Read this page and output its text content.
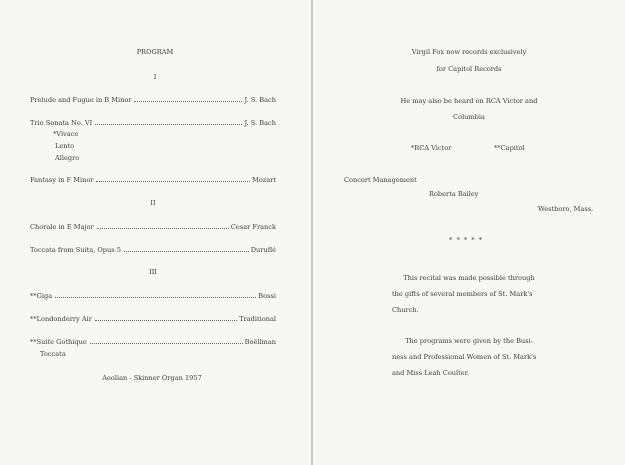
PROGRAM
I
Prelude and Fugue in B Minor	J. S. Bach
Trio Sonata No. VI	J. S. Bach
*Vivace
Lento
Allegro
Fantasy in F Minor	Mozart
II
Chorale in E Major	Cesar Franck
Toccata from Suita, Opus 5	Duruflé
III
**Giga	Bossi
**Londonderry Air	Traditional
**Suite Gothique	Boëllman
Toccata
Aeolian - Skinner Organ 1957
Virgil Fox now records exclusively
for Capitol Records
He may also be heard on RCA Victor and
Columbia
*RCA Victor	**Capitol
Concert Management
Roberta Bailey
Westboro, Mass.
* * * * *
This recital was made possible through
the gifts of several members of St. Mark's
Church.
The programs were given by the Busi-
ness and Professional Women of St. Mark's
and Miss Leah Coulter.
